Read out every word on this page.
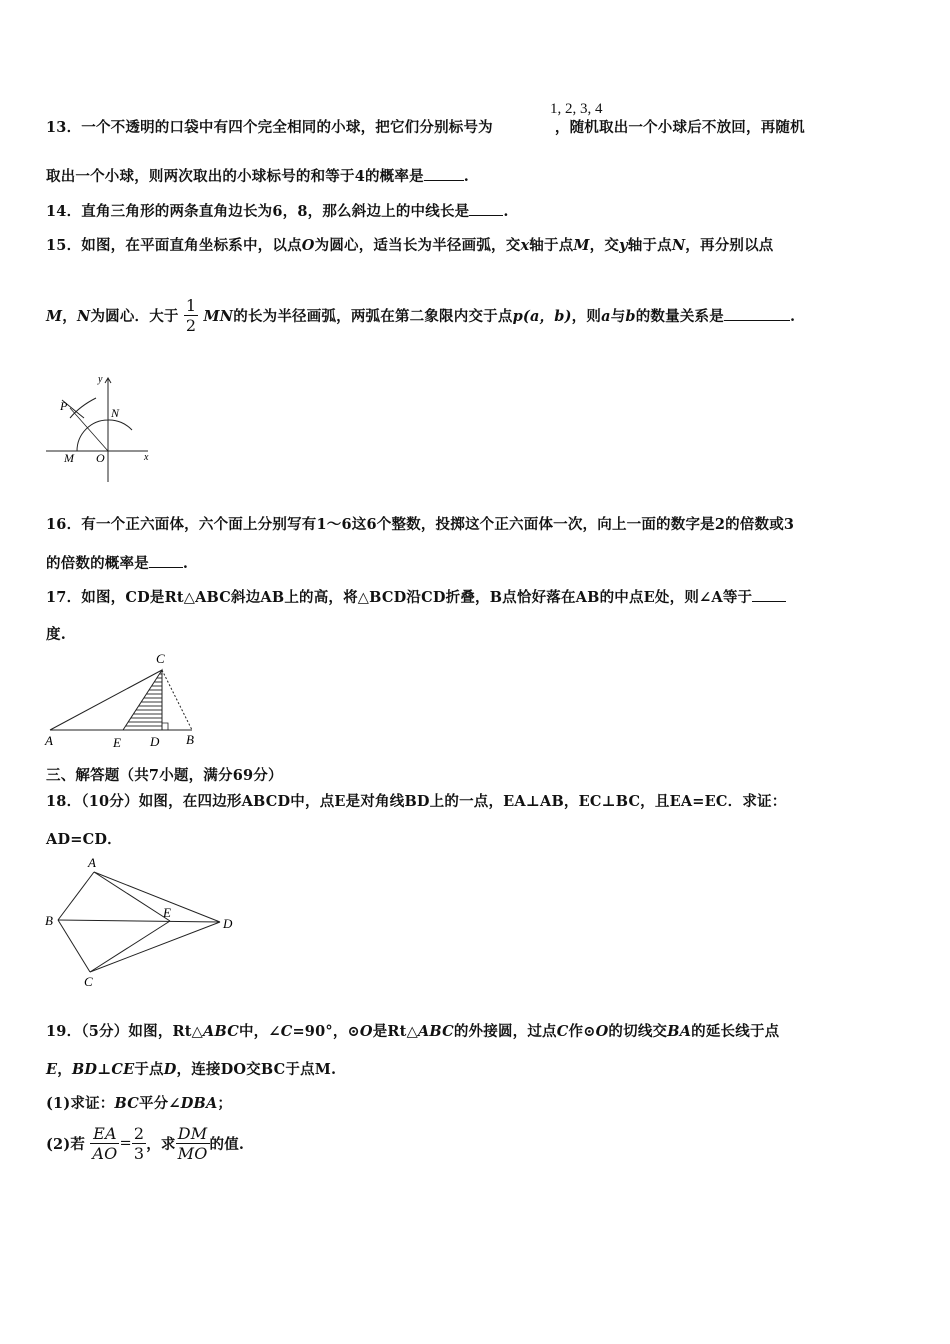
13．一个不透明的口袋中有四个完全相同的小球，把它们分别标号为	，随机取出一个小球后不放回，再随机
1, 2, 3, 4
取出一个小球，则两次取出的小球标号的和等于4的概率是	.
14．直角三角形的两条直角边长为6，8，那么斜边上的中线长是 .
15．如图，在平面直角坐标系中，以点O为圆心，适当长为半径画弧，交x轴于点M，交y轴于点N，再分别以点
M，N为圆心．大于 $\frac{1}{2}$ MN的长为半径画弧，两弧在第二象限内交于点p(a，b)，则a与b的数量关系是	.
y
P	N
M O	x
16．有一个正六面体，六个面上分别写有1～6这6个整数，投掷这个正六面体一次，向上一面的数字是2的倍数或3
的倍数的概率是 .
17．如图，CD是Rt△ABC斜边AB上的高，将△BCD沿CD折叠，B点恰好落在AB的中点E处，则∠A等于
度.
C
A	E D B
三、解答题（共7小题，满分69分）
18．（10分）如图，在四边形ABCD中，点E是对角线BD上的一点，EA⊥AB，EC⊥BC，且EA=EC．求证：
AD=CD．
A
B
C
D
E
19．（5分）如图，Rt△ABC中，∠C=90°，⊙O是Rt△ABC的外接圆，过点C作⊙O的切线交BA的延长线于点
E，BD⊥CE于点D，连接DO交BC于点M.
(1)求证：BC平分∠DBA；
(2)若 $\frac{EA}{AO} = \frac{2}{3}$ ，求 $\frac{DM}{MO}$ 的值.
